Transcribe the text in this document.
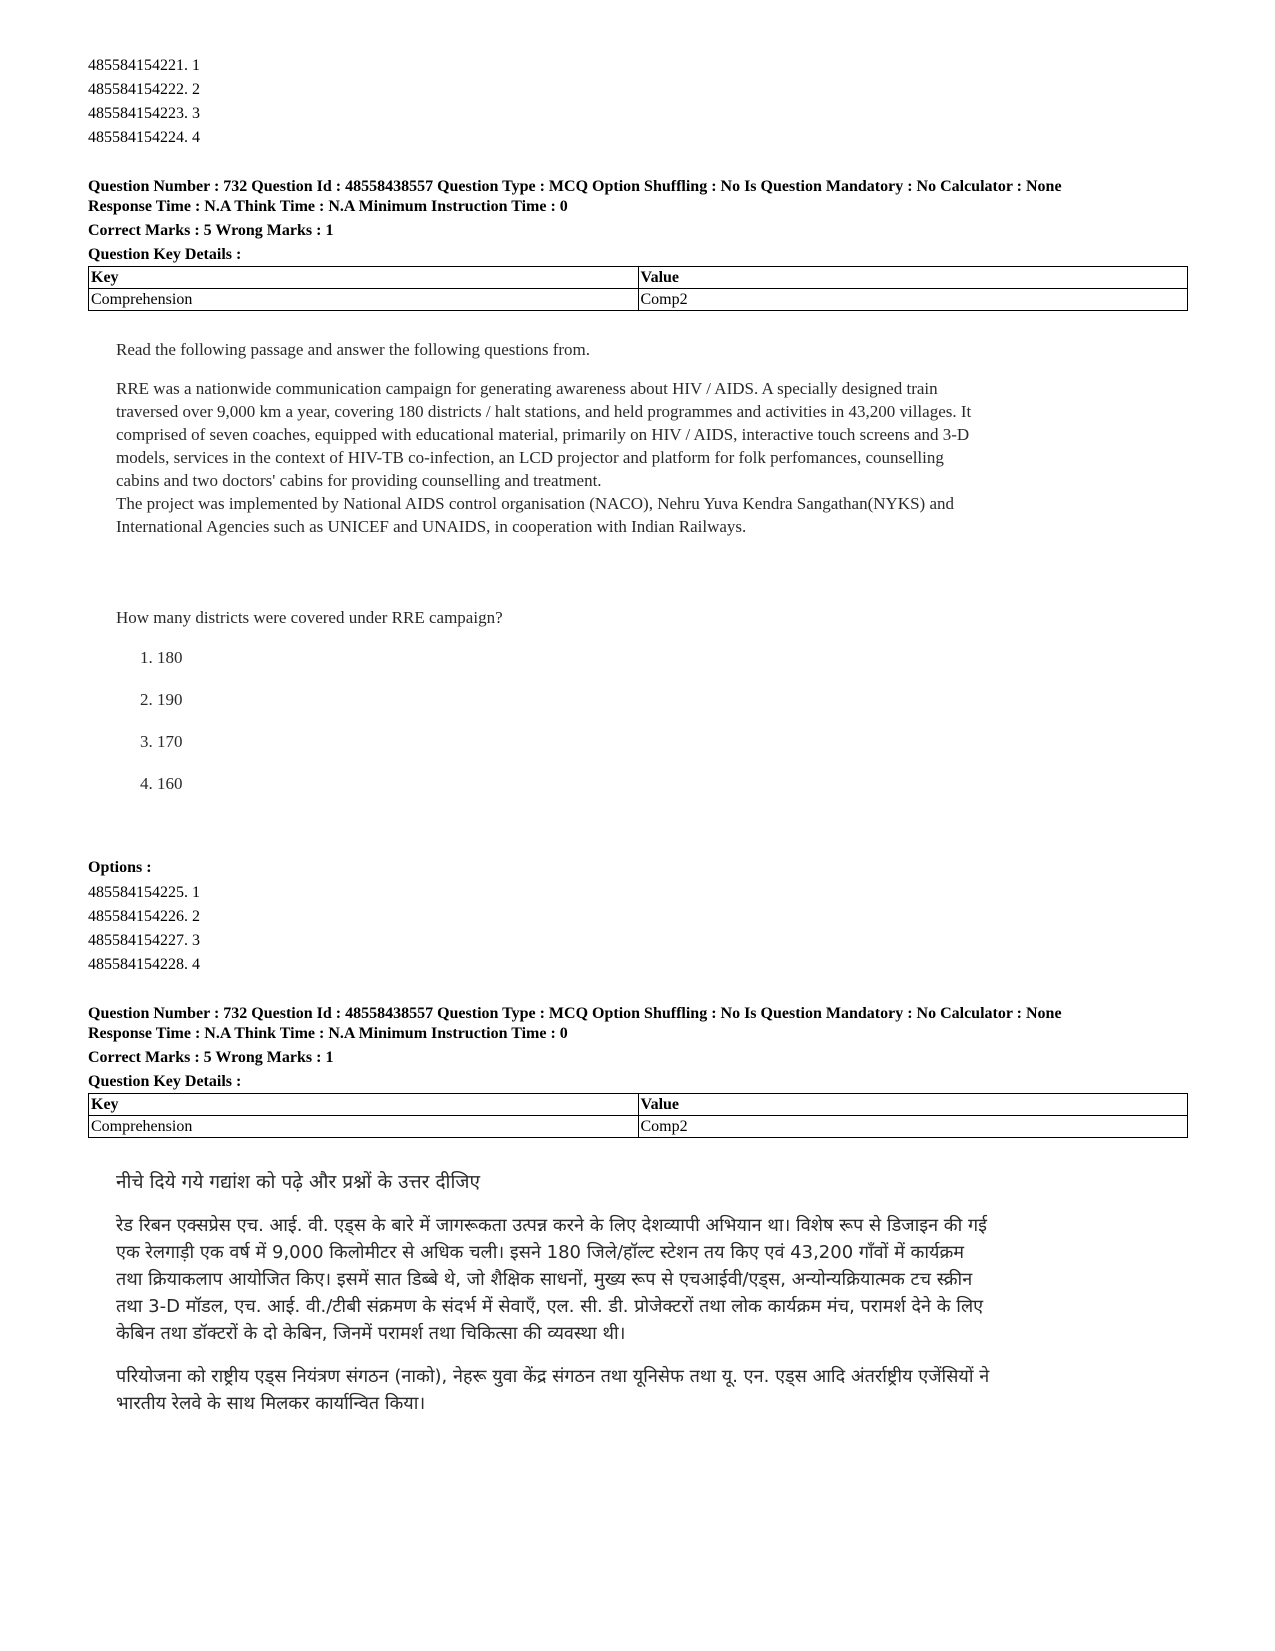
485584154221. 1
485584154222. 2
485584154223. 3
485584154224. 4
Question Number : 732 Question Id : 48558438557 Question Type : MCQ Option Shuffling : No Is Question Mandatory : No Calculator : None
Response Time : N.A Think Time : N.A Minimum Instruction Time : 0
Correct Marks : 5 Wrong Marks : 1
Question Key Details :
Key	Value
Comprehension	Comp2
Read the following passage and answer the following questions from.
RRE was a nationwide communication campaign for generating awareness about HIV / AIDS. A specially designed train traversed over 9,000 km a year, covering 180 districts / halt stations, and held programmes and activities in 43,200 villages. It comprised of seven coaches, equipped with educational material, primarily on HIV / AIDS, interactive touch screens and 3-D models, services in the context of HIV-TB co-infection, an LCD projector and platform for folk perfomances, counselling cabins and two doctors' cabins for providing counselling and treatment.
The project was implemented by National AIDS control organisation (NACO), Nehru Yuva Kendra Sangathan(NYKS) and International Agencies such as UNICEF and UNAIDS, in cooperation with Indian Railways.
How many districts were covered under RRE campaign?
1. 180
2. 190
3. 170
4. 160
Options :
485584154225. 1
485584154226. 2
485584154227. 3
485584154228. 4
Question Number : 732 Question Id : 48558438557 Question Type : MCQ Option Shuffling : No Is Question Mandatory : No Calculator : None
Response Time : N.A Think Time : N.A Minimum Instruction Time : 0
Correct Marks : 5 Wrong Marks : 1
Question Key Details :
Key	Value
Comprehension	Comp2
नीचे दिये गये गद्यांश को पढ़े और प्रश्नों के उत्तर दीजिए
रेड रिबन एक्सप्रेस एच. आई. वी. एड्स के बारे में जागरूकता उत्पन्न करने के लिए देशव्यापी अभियान था। विशेष रूप से डिजाइन की गई एक रेलगाड़ी एक वर्ष में 9,000 किलोमीटर से अधिक चली। इसने 180 जिले/हॉल्ट स्टेशन तय किए एवं 43,200 गाँवों में कार्यक्रम तथा क्रियाकलाप आयोजित किए। इसमें सात डिब्बे थे, जो शैक्षिक साधनों, मुख्य रूप से एचआईवी/एड्स, अन्योन्यक्रियात्मक टच स्क्रीन तथा 3-D मॉडल, एच. आई. वी./टीबी संक्रमण के संदर्भ में सेवाएँ, एल. सी. डी. प्रोजेक्टरों तथा लोक कार्यक्रम मंच, परामर्श देने के लिए केबिन तथा डॉक्टरों के दो केबिन, जिनमें परामर्श तथा चिकित्सा की व्यवस्था थी।
परियोजना को राष्ट्रीय एड्स नियंत्रण संगठन (नाको), नेहरू युवा केंद्र संगठन तथा यूनिसेफ तथा यू. एन. एड्स आदि अंतर्राष्ट्रीय एजेंसियों ने भारतीय रेलवे के साथ मिलकर कार्यान्वित किया।
